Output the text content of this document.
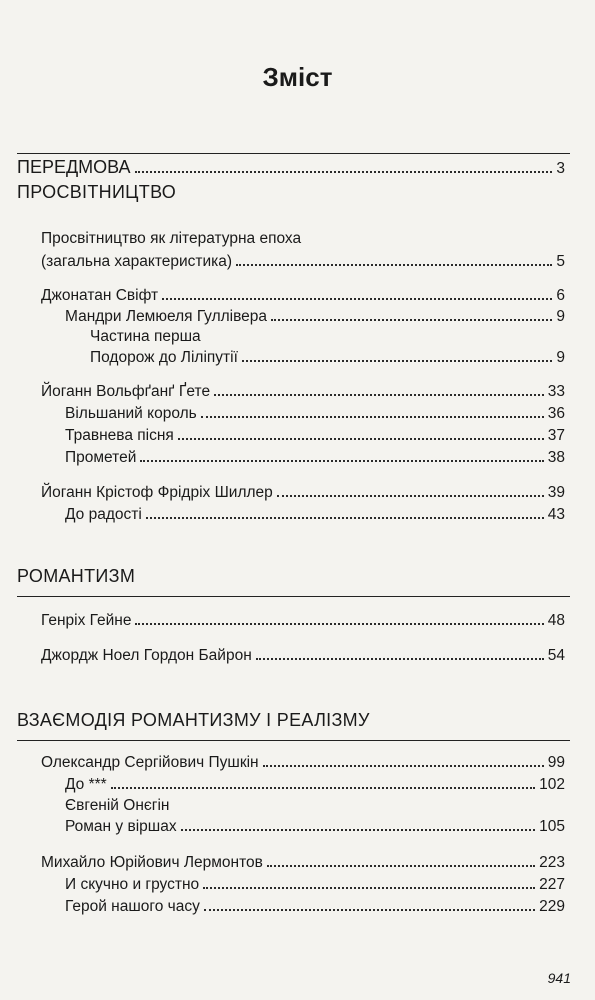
Зміст
ПЕРЕДМОВА	3
ПРОСВІТНИЦТВО
Просвітництво як літературна епоха
(загальна характеристика)	5
Джонатан Свіфт	6
Мандри Лемюеля Гуллівера	9
Частина перша
Подорож до Ліліпутії	9
Йоганн Вольфґанґ Ґете	33
Вільшаний король	36
Травнева пісня	37
Прометей	38
Йоганн Крістоф Фрідріх Шиллер	39
До радості	43
РОМАНТИЗМ
Генріх Гейне	48
Джордж Ноел Гордон Байрон	54
ВЗАЄМОДІЯ РОМАНТИЗМУ І РЕАЛІЗМУ
Олександр Сергійович Пушкін	99
До ***	102
Євгеній Онєгін
Роман у віршах	105
Михайло Юрійович Лермонтов	223
И скучно и грустно	227
Герой нашого часу	229
941
